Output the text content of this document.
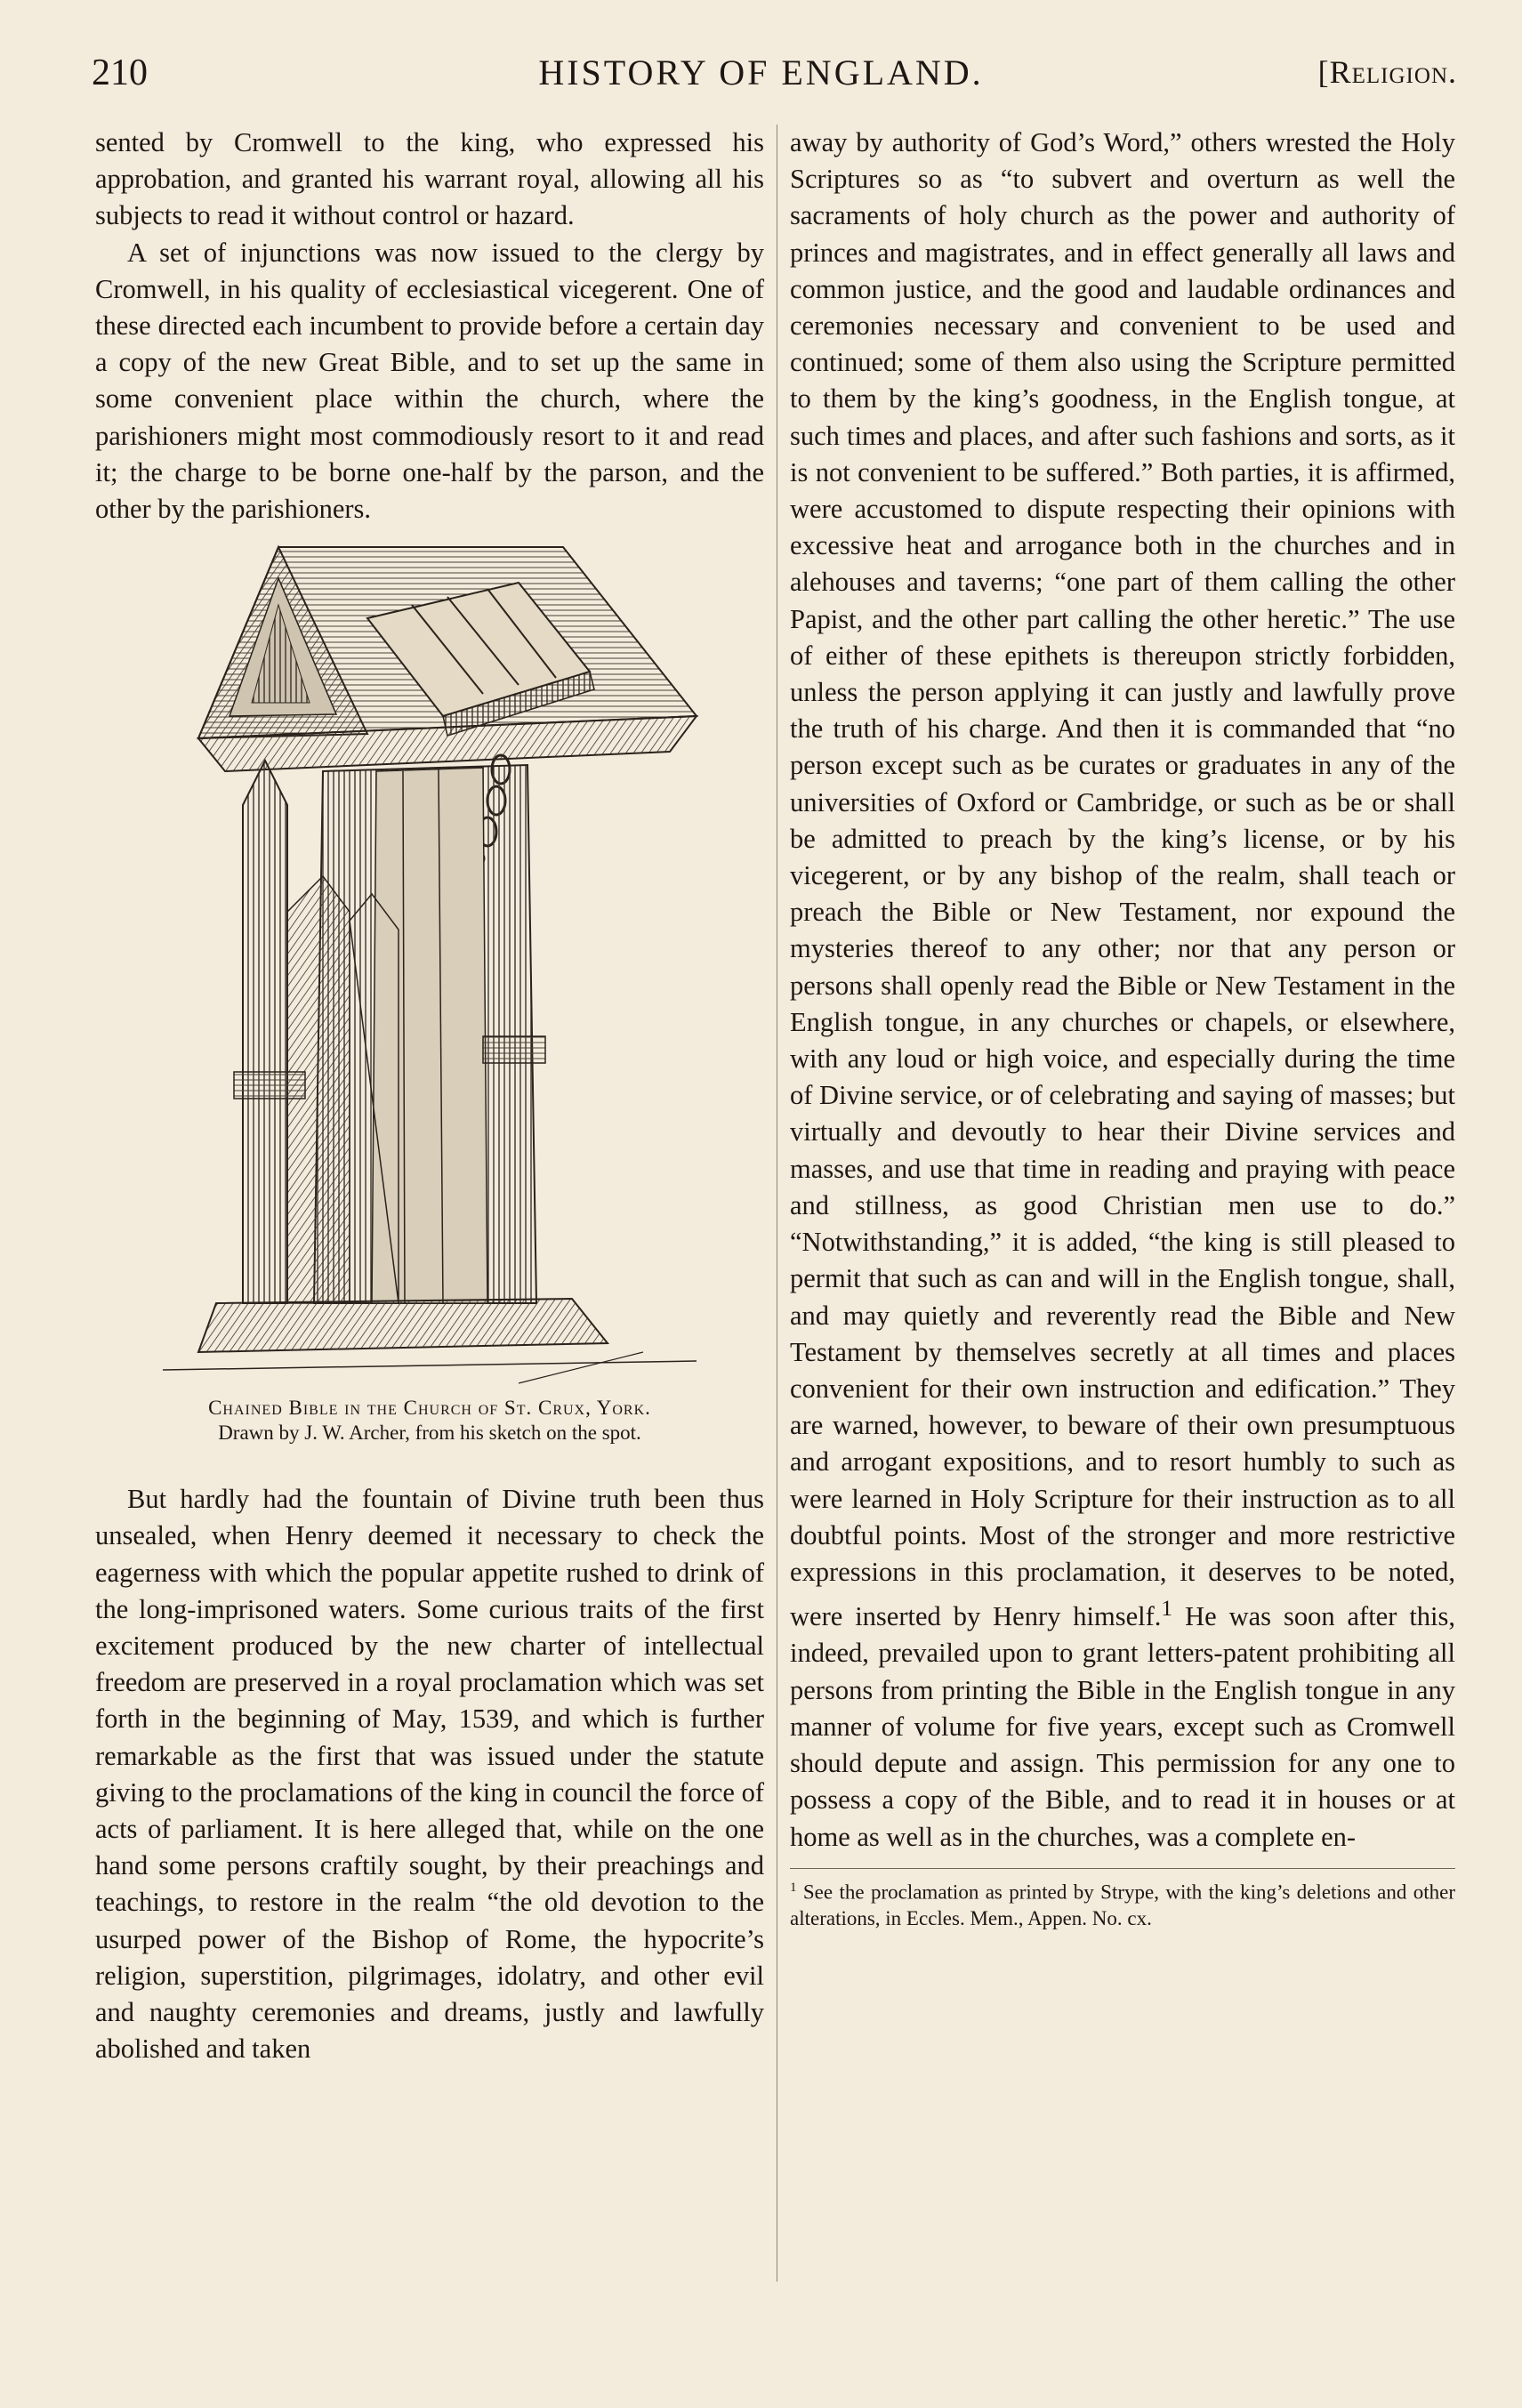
210	HISTORY OF ENGLAND.	[Religion.

sented by Cromwell to the king, who expressed his approbation, and granted his warrant royal, allowing all his subjects to read it without control or hazard.

A set of injunctions was now issued to the clergy by Cromwell, in his quality of ecclesiastical vicegerent. One of these directed each incumbent to provide before a certain day a copy of the new Great Bible, and to set up the same in some convenient place within the church, where the parishioners might most commodiously resort to it and read it; the charge to be borne one-half by the parson, and the other by the parishioners.

Chained Bible in the Church of St. Crux, York.
Drawn by J. W. Archer, from his sketch on the spot.

But hardly had the fountain of Divine truth been thus unsealed, when Henry deemed it necessary to check the eagerness with which the popular appetite rushed to drink of the long-imprisoned waters. Some curious traits of the first excitement produced by the new charter of intellectual freedom are preserved in a royal proclamation which was set forth in the beginning of May, 1539, and which is further remarkable as the first that was issued under the statute giving to the proclamations of the king in council the force of acts of parliament. It is here alleged that, while on the one hand some persons craftily sought, by their preachings and teachings, to restore in the realm “the old devotion to the usurped power of the Bishop of Rome, the hypocrite’s religion, superstition, pilgrimages, idolatry, and other evil and naughty ceremonies and dreams, justly and lawfully abolished and taken

away by authority of God’s Word,” others wrested the Holy Scriptures so as “to subvert and overturn as well the sacraments of holy church as the power and authority of princes and magistrates, and in effect generally all laws and common justice, and the good and laudable ordinances and ceremonies necessary and convenient to be used and continued; some of them also using the Scripture permitted to them by the king’s goodness, in the English tongue, at such times and places, and after such fashions and sorts, as it is not convenient to be suffered.” Both parties, it is affirmed, were accustomed to dispute respecting their opinions with excessive heat and arrogance both in the churches and in alehouses and taverns; “one part of them calling the other Papist, and the other part calling the other heretic.” The use of either of these epithets is thereupon strictly forbidden, unless the person applying it can justly and lawfully prove the truth of his charge. And then it is commanded that “no person except such as be curates or graduates in any of the universities of Oxford or Cambridge, or such as be or shall be admitted to preach by the king’s license, or by his vicegerent, or by any bishop of the realm, shall teach or preach the Bible or New Testament, nor expound the mysteries thereof to any other; nor that any person or persons shall openly read the Bible or New Testament in the English tongue, in any churches or chapels, or elsewhere, with any loud or high voice, and especially during the time of Divine service, or of celebrating and saying of masses; but virtually and devoutly to hear their Divine services and masses, and use that time in reading and praying with peace and stillness, as good Christian men use to do.” “Notwithstanding,” it is added, “the king is still pleased to permit that such as can and will in the English tongue, shall, and may quietly and reverently read the Bible and New Testament by themselves secretly at all times and places convenient for their own instruction and edification.” They are warned, however, to beware of their own presumptuous and arrogant expositions, and to resort humbly to such as were learned in Holy Scripture for their instruction as to all doubtful points. Most of the stronger and more restrictive expressions in this proclamation, it deserves to be noted, were inserted by Henry himself.$^1$ He was soon after this, indeed, prevailed upon to grant letters-patent prohibiting all persons from printing the Bible in the English tongue in any manner of volume for five years, except such as Cromwell should depute and assign. This permission for any one to possess a copy of the Bible, and to read it in houses or at home as well as in the churches, was a complete en-

$^1$ See the proclamation as printed by Strype, with the king’s deletions and other alterations, in Eccles. Mem., Appen. No. cx.
